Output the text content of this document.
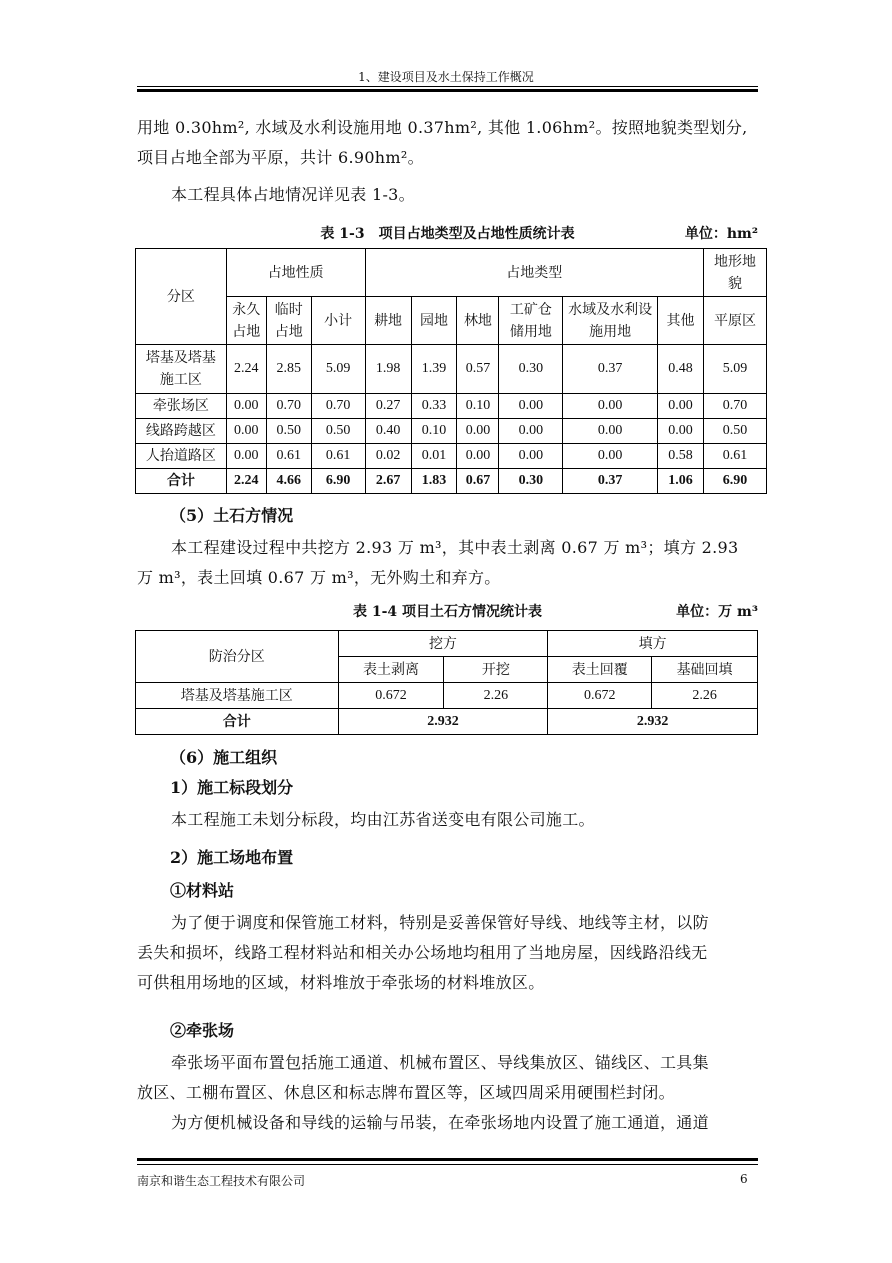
1、建设项目及水土保持工作概况
用地 0.30hm², 水域及水利设施用地 0.37hm², 其他 1.06hm²。按照地貌类型划分,
项目占地全部为平原，共计 6.90hm²。
本工程具体占地情况详见表 1-3。
表 1-3　项目占地类型及占地性质统计表	单位：hm²
分区	占地性质			占地类型						地形地貌
	永久占地	临时占地	小计	耕地	园地	林地	工矿仓储用地	水域及水利设施用地	其他	平原区
塔基及塔基施工区	2.24	2.85	5.09	1.98	1.39	0.57	0.30	0.37	0.48	5.09
牵张场区	0.00	0.70	0.70	0.27	0.33	0.10	0.00	0.00	0.00	0.70
线路跨越区	0.00	0.50	0.50	0.40	0.10	0.00	0.00	0.00	0.00	0.50
人抬道路区	0.00	0.61	0.61	0.02	0.01	0.00	0.00	0.00	0.58	0.61
合计	2.24	4.66	6.90	2.67	1.83	0.67	0.30	0.37	1.06	6.90
（5）土石方情况
本工程建设过程中共挖方 2.93 万 m³，其中表土剥离 0.67 万 m³；填方 2.93
万 m³，表土回填 0.67 万 m³，无外购土和弃方。
表 1-4 项目土石方情况统计表	单位：万 m³
防治分区	挖方		填方	
	表土剥离	开挖	表土回覆	基础回填
塔基及塔基施工区	0.672	2.26	0.672	2.26
合计	2.932		2.932	
（6）施工组织
1）施工标段划分
本工程施工未划分标段，均由江苏省送变电有限公司施工。
2）施工场地布置
①材料站
为了便于调度和保管施工材料，特别是妥善保管好导线、地线等主材，以防
丢失和损坏，线路工程材料站和相关办公场地均租用了当地房屋，因线路沿线无
可供租用场地的区域，材料堆放于牵张场的材料堆放区。
②牵张场
牵张场平面布置包括施工通道、机械布置区、导线集放区、锚线区、工具集
放区、工棚布置区、休息区和标志牌布置区等，区域四周采用硬围栏封闭。
为方便机械设备和导线的运输与吊装，在牵张场地内设置了施工通道，通道
南京和谐生态工程技术有限公司	6
